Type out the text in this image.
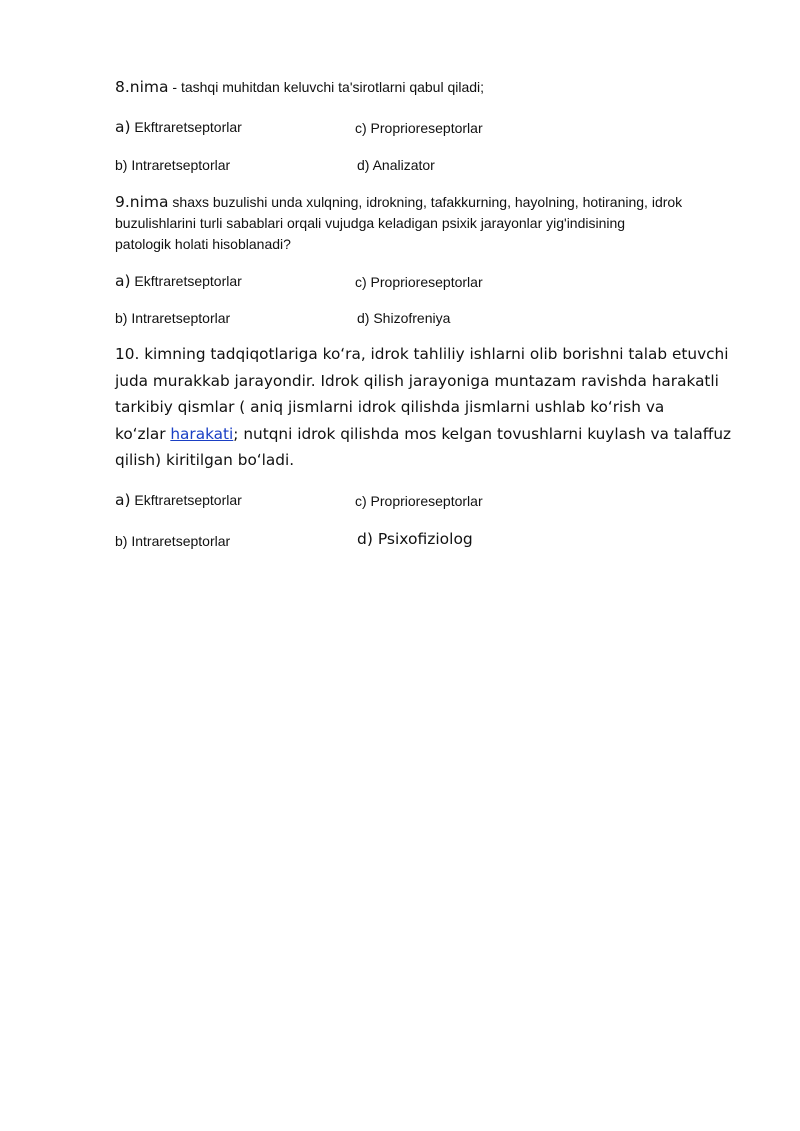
8.nima - tashqi muhitdan keluvchi ta'sirotlarni qabul qiladi;
a) Ekftraretseptorlar	c) Proprioreseptorlar
b) Intraretseptorlar	d) Analizator
9.nima shaxs buzulishi unda xulqning, idrokning, tafakkurning, hayolning, hotiraning, idrok
buzulishlarini turli sabablari orqali vujudga keladigan psixik jarayonlar yig'indisining
patologik holati hisoblanadi?
a) Ekftraretseptorlar	c) Proprioreseptorlar
b) Intraretseptorlar	d) Shizofreniya

10. kimning tadqiqotlariga koʻra, idrok tahliliy ishlarni olib borishni talab etuvchi

juda murakkab jarayondir. Idrok qilish jarayoniga muntazam ravishda harakatli

tarkibiy qismlar ( aniq jismlarni idrok qilishda jismlarni ushlab koʻrish va

koʻzlar harakati; nutqni idrok qilishda mos kelgan tovushlarni kuylash va talaffuz

qilish) kiritilgan boʻladi.

a) Ekftraretseptorlar	c) Proprioreseptorlar
b) Intraretseptorlar	d) Psixofiziolog
